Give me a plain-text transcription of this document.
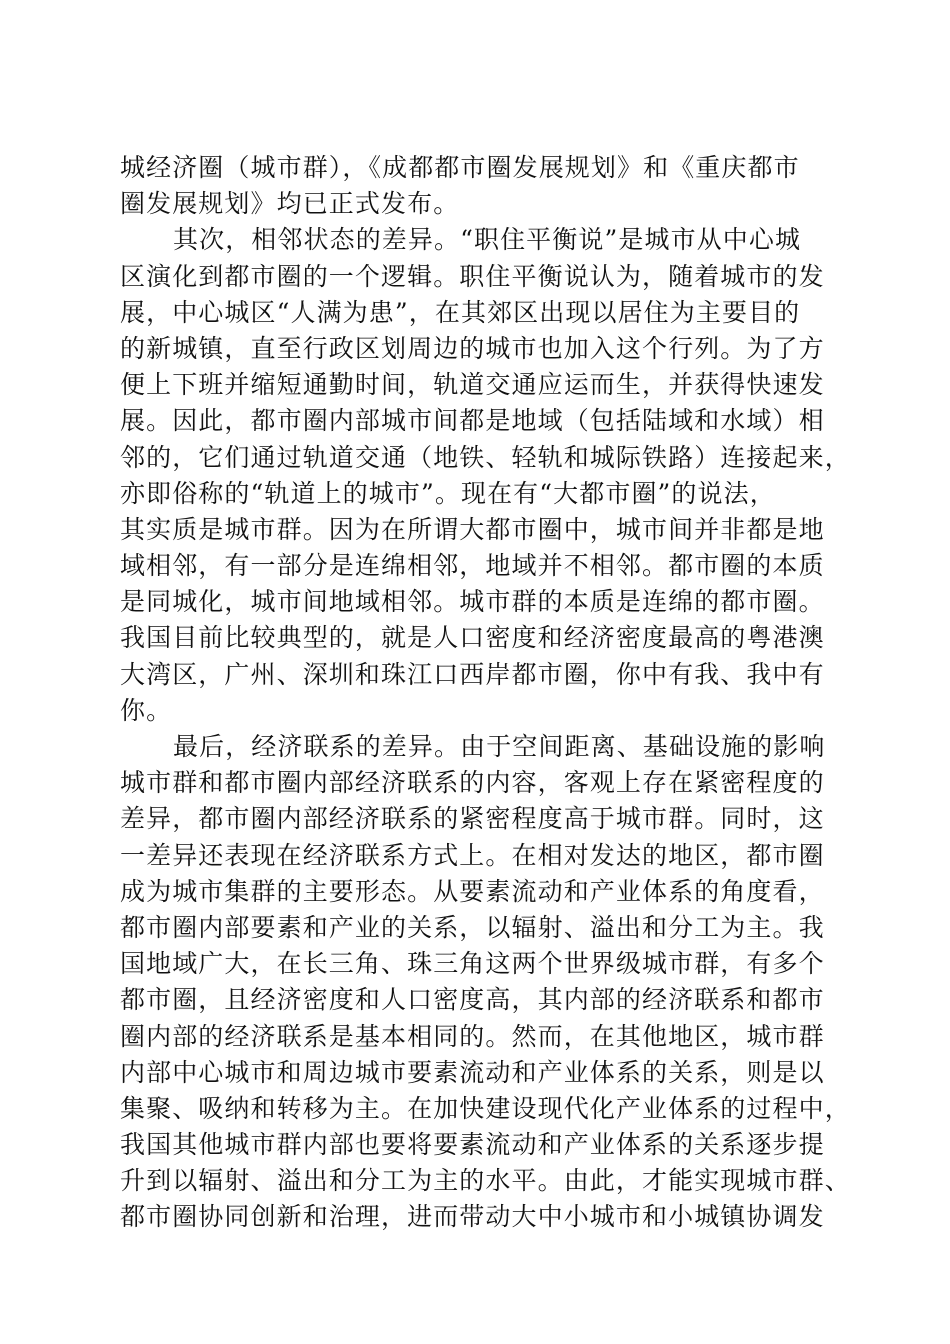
城经济圈（城市群），《成都都市圈发展规划》和《重庆都市
圈发展规划》均已正式发布。
其次，相邻状态的差异。“职住平衡说”是城市从中心城
区演化到都市圈的一个逻辑。职住平衡说认为，随着城市的发
展，中心城区“人满为患”，在其郊区出现以居住为主要目的
的新城镇，直至行政区划周边的城市也加入这个行列。为了方
便上下班并缩短通勤时间，轨道交通应运而生，并获得快速发
展。因此，都市圈内部城市间都是地域（包括陆域和水域）相
邻的，它们通过轨道交通（地铁、轻轨和城际铁路）连接起来，
亦即俗称的“轨道上的城市”。现在有“大都市圈”的说法，
其实质是城市群。因为在所谓大都市圈中，城市间并非都是地
域相邻，有一部分是连绵相邻，地域并不相邻。都市圈的本质
是同城化，城市间地域相邻。城市群的本质是连绵的都市圈。
我国目前比较典型的，就是人口密度和经济密度最高的粤港澳
大湾区，广州、深圳和珠江口西岸都市圈，你中有我、我中有
你。
最后，经济联系的差异。由于空间距离、基础设施的影响
城市群和都市圈内部经济联系的内容，客观上存在紧密程度的
差异，都市圈内部经济联系的紧密程度高于城市群。同时，这
一差异还表现在经济联系方式上。在相对发达的地区，都市圈
成为城市集群的主要形态。从要素流动和产业体系的角度看，
都市圈内部要素和产业的关系，以辐射、溢出和分工为主。我
国地域广大，在长三角、珠三角这两个世界级城市群，有多个
都市圈，且经济密度和人口密度高，其内部的经济联系和都市
圈内部的经济联系是基本相同的。然而，在其他地区，城市群
内部中心城市和周边城市要素流动和产业体系的关系，则是以
集聚、吸纳和转移为主。在加快建设现代化产业体系的过程中，
我国其他城市群内部也要将要素流动和产业体系的关系逐步提
升到以辐射、溢出和分工为主的水平。由此，才能实现城市群、
都市圈协同创新和治理，进而带动大中小城市和小城镇协调发
